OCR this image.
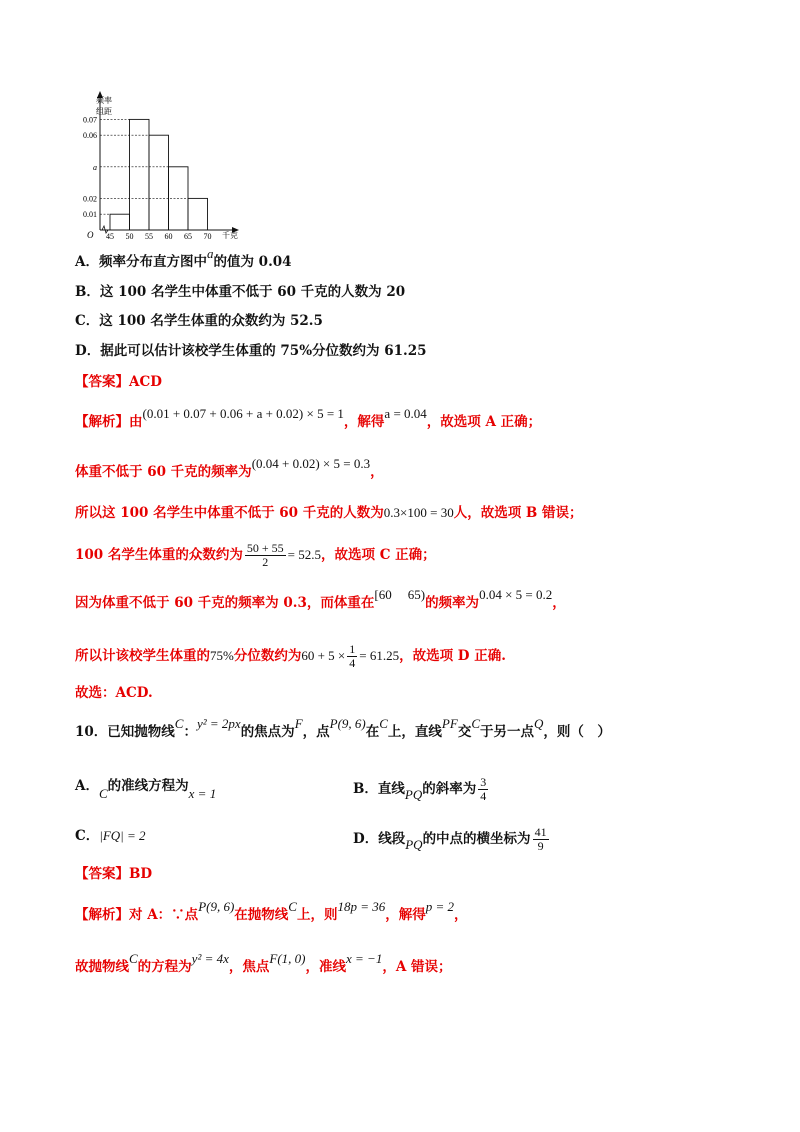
0.07
0.06
a
0.02
0.01
45 50 55 60 65 70
频率
组距
千克
O
A．频率分布直方图中a的值为 0.04
B．这 100 名学生中体重不低于 60 千克的人数为 20
C．这 100 名学生体重的众数约为 52.5
D．据此可以估计该校学生体重的 75%分位数约为 61.25
【答案】ACD
【解析】由(0.01 + 0.07 + 0.06 + a + 0.02) × 5 = 1，解得a = 0.04，故选项 A 正确；
体重不低于 60 千克的频率为(0.04 + 0.02) × 5 = 0.3，
所以这 100 名学生中体重不低于 60 千克的人数为0.3×100 = 30人，故选项 B 错误；
100 名学生体重的众数约为 $\frac{50 + 55}{2} = 52.5$，故选项 C 正确；
因为体重不低于 60 千克的频率为 0.3，而体重在[60 65)的频率为0.04 × 5 = 0.2，
所以计该校学生体重的75%分位数约为$60 + 5 \times \frac{1}{4} = 61.25$，故选项 D 正确.
故选：ACD.
10．已知抛物线C：y² = 2px的焦点为F，点P(9, 6)在C上，直线PF交C于另一点Q，则（　）
A．C的准线方程为x = 1	B．直线PQ的斜率为 $\frac{3}{4}$
C．|FQ| = 2	D．线段PQ的中点的横坐标为 $\frac{41}{9}$
【答案】BD
【解析】对 A：∵点P(9, 6)在抛物线C上，则18p = 36，解得p = 2，
故抛物线C的方程为y² = 4x，焦点F(1, 0)，准线x = −1，A 错误；
